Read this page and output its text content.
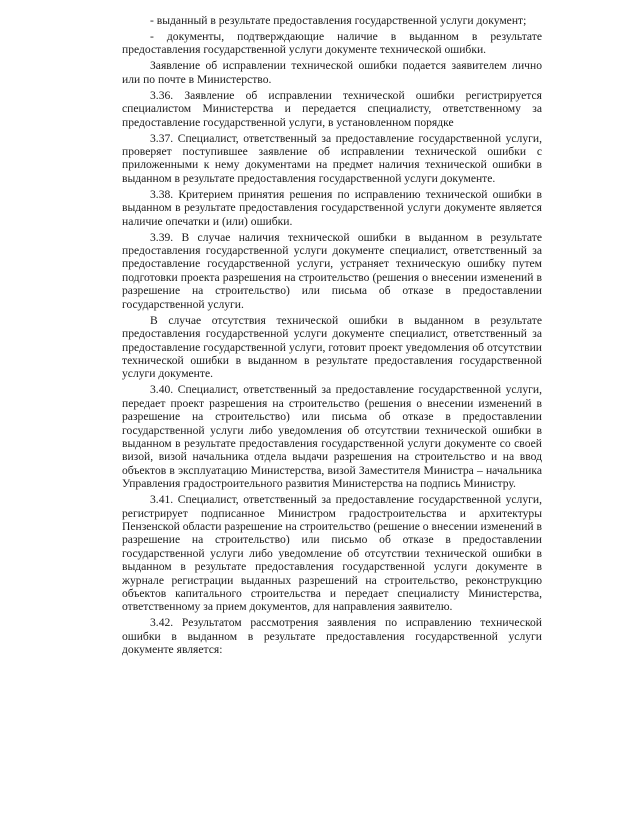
- выданный в результате предоставления государственной услуги документ;

- документы, подтверждающие наличие в выданном в результате предоставления государственной услуги документе технической ошибки.

Заявление об исправлении технической ошибки подается заявителем лично или по почте в Министерство.

3.36. Заявление об исправлении технической ошибки регистрируется специалистом Министерства и передается специалисту, ответственному за предоставление государственной услуги, в установленном порядке

3.37. Специалист, ответственный за предоставление государственной услуги, проверяет поступившее заявление об исправлении технической ошибки с приложенными к нему документами на предмет наличия технической ошибки в выданном в результате предоставления государственной услуги документе.

3.38. Критерием принятия решения по исправлению технической ошибки в выданном в результате предоставления государственной услуги документе является наличие опечатки и (или) ошибки.

3.39. В случае наличия технической ошибки в выданном в результате предоставления государственной услуги документе специалист, ответственный за предоставление государственной услуги, устраняет техническую ошибку путем подготовки проекта разрешения на строительство (решения о внесении изменений в разрешение на строительство) или письма об отказе в предоставлении государственной услуги.

В случае отсутствия технической ошибки в выданном в результате предоставления государственной услуги документе специалист, ответственный за предоставление государственной услуги, готовит проект уведомления об отсутствии технической ошибки в выданном в результате предоставления государственной услуги документе.

3.40. Специалист, ответственный за предоставление государственной услуги, передает проект разрешения на строительство (решения о внесении изменений в разрешение на строительство) или письма об отказе в предоставлении государственной услуги либо уведомления об отсутствии технической ошибки в выданном в результате предоставления государственной услуги документе со своей визой, визой начальника отдела выдачи разрешения на строительство и на ввод объектов в эксплуатацию Министерства, визой Заместителя Министра – начальника Управления градостроительного развития Министерства на подпись Министру.

3.41. Специалист, ответственный за предоставление государственной услуги, регистрирует подписанное Министром градостроительства и архитектуры Пензенской области разрешение на строительство (решение о внесении изменений в разрешение на строительство) или письмо об отказе в предоставлении государственной услуги либо уведомление об отсутствии технической ошибки в выданном в результате предоставления государственной услуги документе в журнале регистрации выданных разрешений на строительство, реконструкцию объектов капитального строительства и передает специалисту Министерства, ответственному за прием документов, для направления заявителю.

3.42. Результатом рассмотрения заявления по исправлению технической ошибки в выданном в результате предоставления государственной услуги документе является:
